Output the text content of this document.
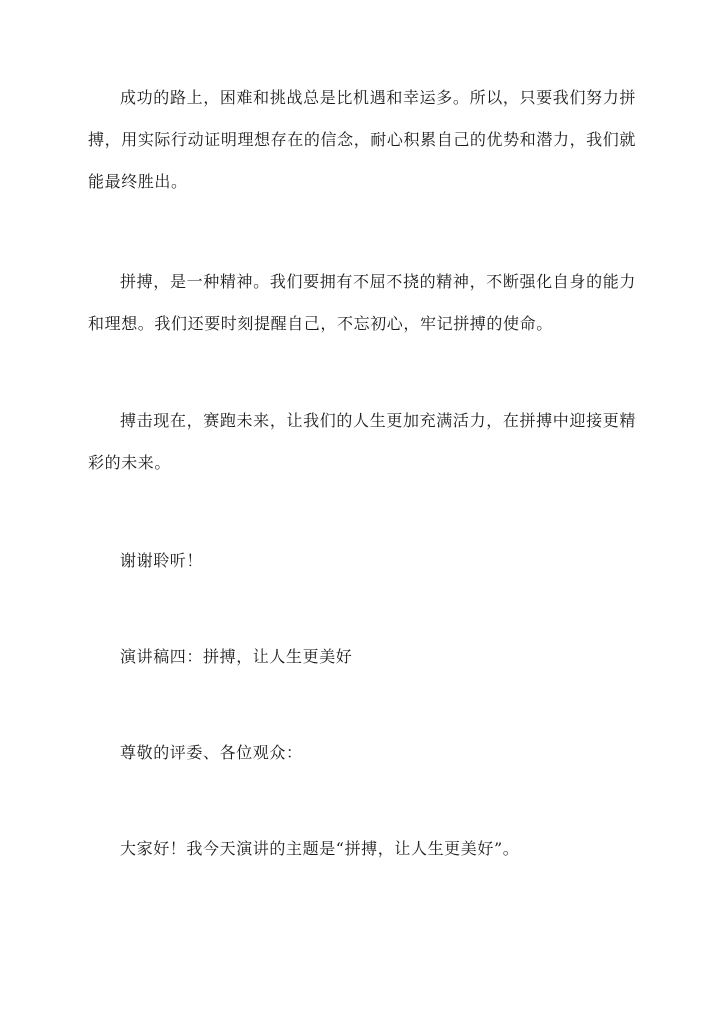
成功的路上，困难和挑战总是比机遇和幸运多。所以，只要我们努力拼搏，用实际行动证明理想存在的信念，耐心积累自己的优势和潜力，我们就能最终胜出。

拼搏，是一种精神。我们要拥有不屈不挠的精神，不断强化自身的能力和理想。我们还要时刻提醒自己，不忘初心，牢记拼搏的使命。

搏击现在，赛跑未来，让我们的人生更加充满活力，在拼搏中迎接更精彩的未来。

谢谢聆听！

演讲稿四：拼搏，让人生更美好

尊敬的评委、各位观众：

大家好！我今天演讲的主题是“拼搏，让人生更美好”。
